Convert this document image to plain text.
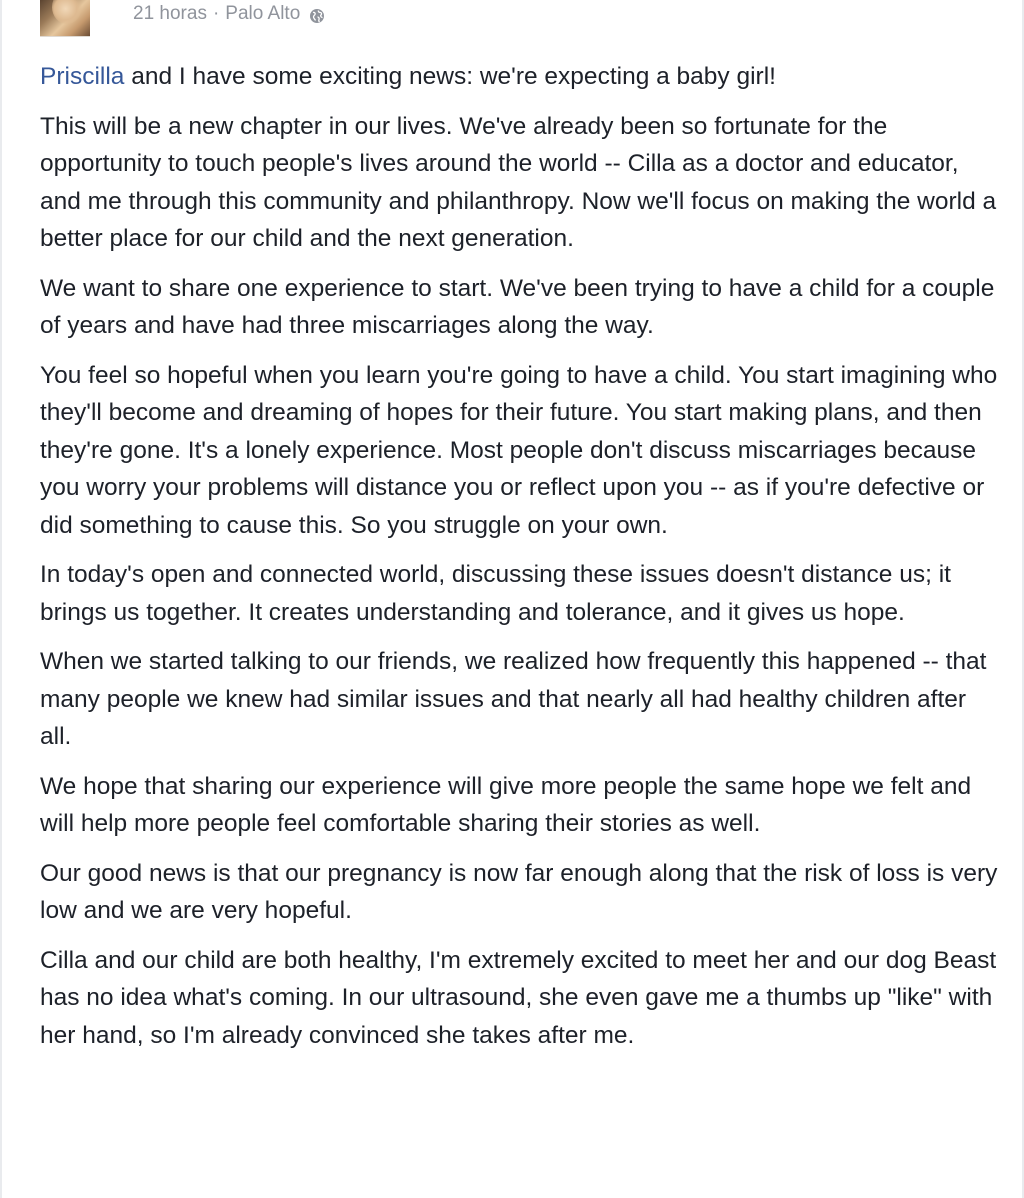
21 horas · Palo Alto

Priscilla and I have some exciting news: we're expecting a baby girl!

This will be a new chapter in our lives. We've already been so fortunate for the opportunity to touch people's lives around the world -- Cilla as a doctor and educator, and me through this community and philanthropy. Now we'll focus on making the world a better place for our child and the next generation.

We want to share one experience to start. We've been trying to have a child for a couple of years and have had three miscarriages along the way.

You feel so hopeful when you learn you're going to have a child. You start imagining who they'll become and dreaming of hopes for their future. You start making plans, and then they're gone. It's a lonely experience. Most people don't discuss miscarriages because you worry your problems will distance you or reflect upon you -- as if you're defective or did something to cause this. So you struggle on your own.

In today's open and connected world, discussing these issues doesn't distance us; it brings us together. It creates understanding and tolerance, and it gives us hope.

When we started talking to our friends, we realized how frequently this happened -- that many people we knew had similar issues and that nearly all had healthy children after all.

We hope that sharing our experience will give more people the same hope we felt and will help more people feel comfortable sharing their stories as well.

Our good news is that our pregnancy is now far enough along that the risk of loss is very low and we are very hopeful.

Cilla and our child are both healthy, I'm extremely excited to meet her and our dog Beast has no idea what's coming. In our ultrasound, she even gave me a thumbs up "like" with her hand, so I'm already convinced she takes after me.
